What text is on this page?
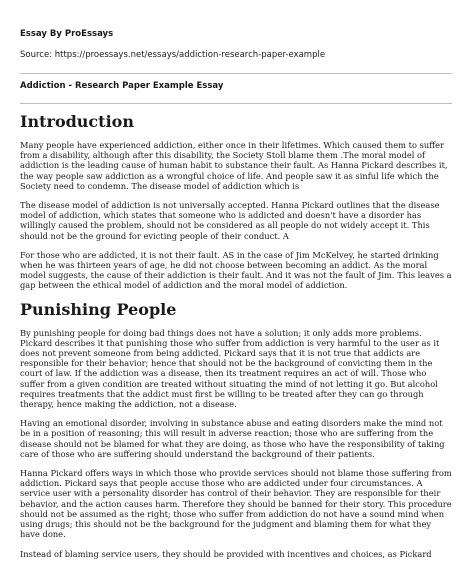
Essay By ProEssays
Source: https://proessays.net/essays/addiction-research-paper-example
Addiction - Research Paper Example Essay
Introduction

Many people have experienced addiction, either once in their lifetimes. Which caused them to suffer from a disability, although after this disability, the Society Stoll blame them .The moral model of addiction is the leading cause of human habit to substance their fault. As Hanna Pickard describes it, the way people saw addiction as a wrongful choice of life. And people saw it as sinful life which the Society need to condemn. The disease model of addiction which is

The disease model of addiction is not universally accepted. Hanna Pickard outlines that the disease model of addiction, which states that someone who is addicted and doesn't have a disorder has willingly caused the problem, should not be considered as all people do not widely accept it. This should not be the ground for evicting people of their conduct. A

For those who are addicted, it is not their fault. AS in the case of Jim McKelvey, he started drinking when he was thirteen years of age, he did not choose between becoming an addict. As the moral model suggests, the cause of their addiction is their fault. And it was not the fault of Jim. This leaves a gap between the ethical model of addiction and the moral model of addiction.

Punishing People

By punishing people for doing bad things does not have a solution; it only adds more problems. Pickard describes it that punishing those who suffer from addiction is very harmful to the user as it does not prevent someone from being addicted. Pickard says that it is not true that addicts are responsible for their behavior; hence that should not be the background of convicting them in the court of law. If the addiction was a disease, then its treatment requires an act of will. Those who suffer from a given condition are treated without situating the mind of not letting it go. But alcohol requires treatments that the addict must first be willing to be treated after they can go through therapy, hence making the addiction, not a disease.

Having an emotional disorder, involving in substance abuse and eating disorders make the mind not be in a position of reasoning; this will result in adverse reaction; those who are suffering from the disease should not be blamed for what they are doing, as those who have the responsibility of taking care of those who are suffering should understand the background of their patients.

Hanna Pickard offers ways in which those who provide services should not blame those suffering from addiction. Pickard says that people accuse those who are addicted under four circumstances. A service user with a personality disorder has control of their behavior. They are responsible for their behavior, and the action causes harm. Therefore they should be banned for their story. This procedure should not be assumed as the right; those who suffer from addiction do not have a sound mind when using drugs; this should not be the background for the judgment and blaming them for what they have done.

Instead of blaming service users, they should be provided with incentives and choices, as Pickard
